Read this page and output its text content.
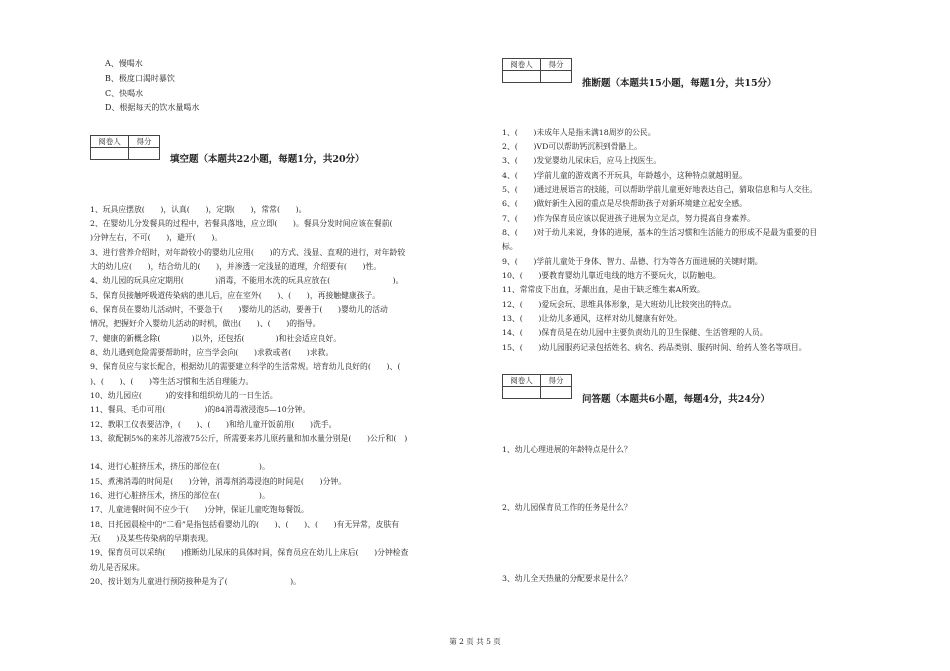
A、慢喝水
B、极度口渴时暴饮
C、快喝水
D、根据每天的饮水量喝水
阅卷人	得分

填空题（本题共22小题，每题1分，共20分）
1、玩具应摆放(　　)，认真(　　)，定期(　　)，常常(　　)。
2、在婴幼儿分发餐具的过程中，若餐具落地，应立即(　　)。餐具分发时间应该在餐前(
)分钟左右，不可(　　)，避开(　　)。
3、进行营养介绍时，对年龄较小的婴幼儿应用(　　)的方式、浅显、直观的进行，对年龄较
大的幼儿应(　　)，结合幼儿的(　　)，并渗透一定浅显的道理，介绍要有(　　)性。
4、幼儿园的玩具应定期用(　　　　)消毒，不能用水洗的玩具应放在(　　　　　　　　)。
5、保育员接触呼吸道传染病的患儿后，应在室外(　　)、(　　)，再接触健康孩子。
6、保育员在婴幼儿活动时，不要急于(　　)婴幼儿的活动，要善于(　　)婴幼儿的活动
情况，把握好介入婴幼儿活动的时机，做出(　　)、(　　)的指导。
7、健康的新概念除(　　　　)以外，还包括(　　　　)和社会适应良好。
8、幼儿遇到危险需要帮助时，应当学会向(　　)求救或者(　　)求救。
9、保育员应与家长配合，根据幼儿的需要建立科学的生活常规。培育幼儿良好的(　　)、(
)、(　　)、(　　)等生活习惯和生活自理能力。
10、幼儿园应(　　　)的安排和组织幼儿的一日生活。
11、餐具、毛巾可用(　　　　　)的84消毒液浸泡5—10分钟。
12、教职工仪表要洁净，(　　)、(　　)和给儿童开饭前用(　　)洗手。
13、欲配制5%的来苏儿溶液75公斤，所需要来苏儿原药量和加水量分别是(　　)公斤和(　)
14、进行心脏挤压术，挤压的部位在(　　　　　)。
15、煮沸消毒的时间是(　　)分钟，消毒剂消毒浸泡的时间是(　　)分钟。
16、进行心脏挤压术，挤压的部位在(　　　　　)。
17、儿童进餐时间不应少于(　　)分钟，保证儿童吃饱每餐饭。
18、日托园晨检中的“二看”是指包括看婴幼儿的(　　)、(　　)、(　　)有无异常，皮肤有
无(　　)及某些传染病的早期表现。
19、保育员可以采纳(　　)推断幼儿尿床的具体时间，保育员应在幼儿上床后(　　)分钟检查
幼儿是否尿床。
20、按计划为儿童进行预防接种是为了(　　　　　　　　)。
阅卷人	得分

推断题（本题共15小题，每题1分，共15分）
1、(　　)未成年人是指未满18周岁的公民。
2、(　　)VD可以帮助钙沉积到骨骼上。
3、(　　)发觉婴幼儿尿床后，应马上找医生。
4、(　　)学前儿童的游戏离不开玩具，年龄越小，这种特点就越明显。
5、(　　)通过进展语言的技能，可以帮助学前儿童更好地表达自己，猜取信息和与人交往。
6、(　　)做好新生入园的重点是尽快帮助孩子对新环境建立起安全感。
7、(　　)作为保育员应该以促进孩子进展为立足点，努力提高自身素养。
8、(　　)对于幼儿来说，身体的进展，基本的生活习惯和生活能力的形成不是最为重要的目
标。
9、(　　)学前儿童处于身体、智力、品德、行为等各方面进展的关键时期。
10、(　　)要教育婴幼儿靠近电线的地方不要玩火，以防触电。
11、常常皮下出血，牙龈出血，是由于缺乏维生素A所致。
12、(　　)爱玩会玩、思维具体形象，是大班幼儿比较突出的特点。
13、(　　)让幼儿多通风，这样对幼儿健康有好处。
14、(　　)保育员是在幼儿园中主要负责幼儿的卫生保健、生活管理的人员。
15、(　　)幼儿园服药记录包括姓名、病名、药品类别、服药时间、给药人签名等项目。
阅卷人	得分

问答题（本题共6小题，每题4分，共24分）
1、幼儿心理进展的年龄特点是什么？
2、幼儿园保育员工作的任务是什么？
3、幼儿全天热量的分配要求是什么？
第 2 页 共 5 页
